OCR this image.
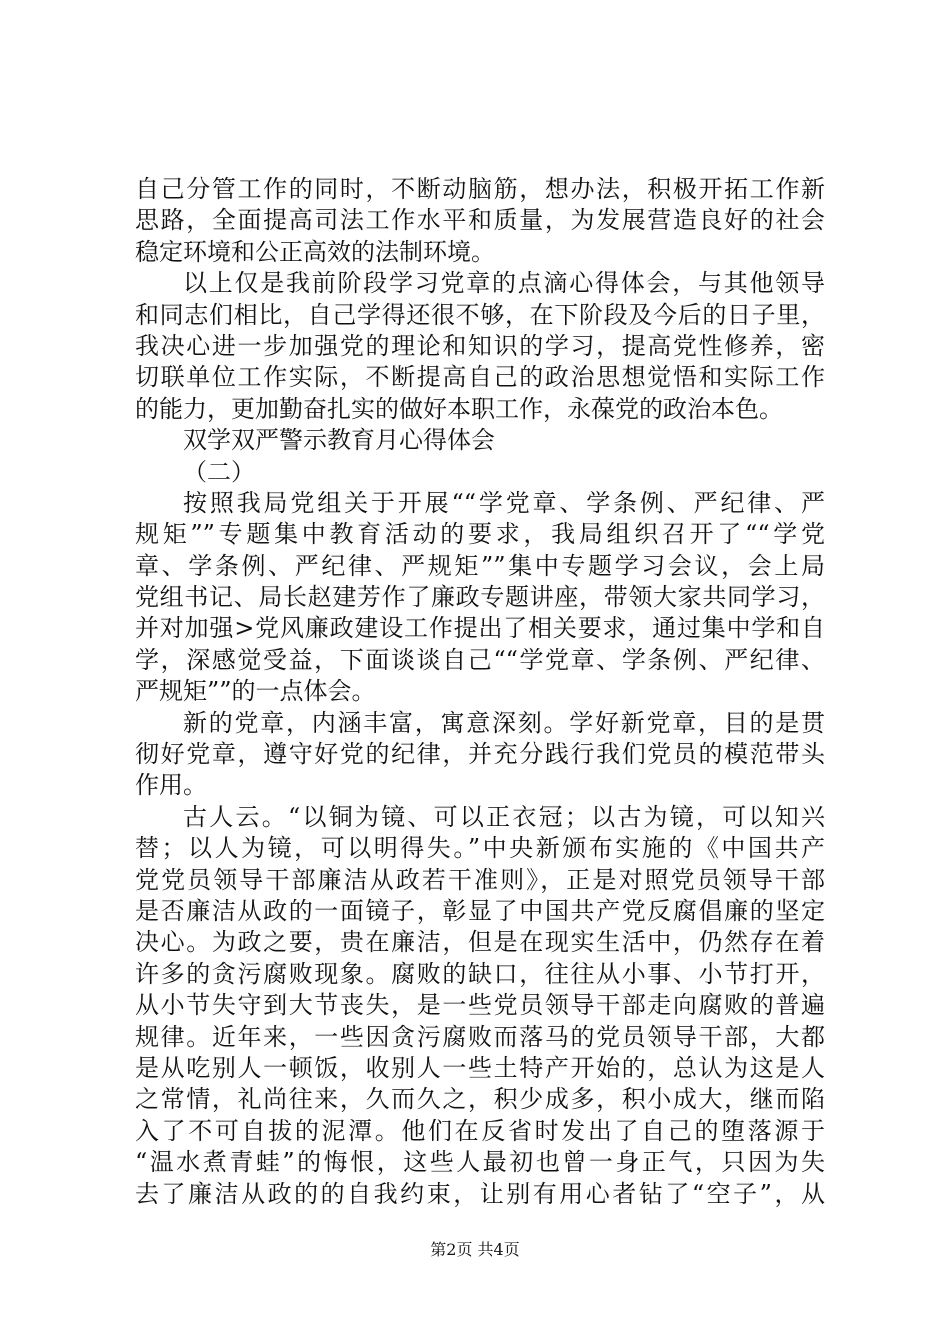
自己分管工作的同时，不断动脑筋，想办法，积极开拓工作新
思路，全面提高司法工作水平和质量，为发展营造良好的社会
稳定环境和公正高效的法制环境。
以上仅是我前阶段学习党章的点滴心得体会，与其他领导
和同志们相比，自己学得还很不够，在下阶段及今后的日子里，
我决心进一步加强党的理论和知识的学习，提高党性修养，密
切联单位工作实际，不断提高自己的政治思想觉悟和实际工作
的能力，更加勤奋扎实的做好本职工作，永葆党的政治本色。
双学双严警示教育月心得体会
（二）
按照我局党组关于开展““学党章、学条例、严纪律、严
规矩””专题集中教育活动的要求，我局组织召开了““学党
章、学条例、严纪律、严规矩””集中专题学习会议，会上局
党组书记、局长赵建芳作了廉政专题讲座，带领大家共同学习，
并对加强>党风廉政建设工作提出了相关要求，通过集中学和自
学，深感觉受益，下面谈谈自己““学党章、学条例、严纪律、
严规矩””的一点体会。
新的党章，内涵丰富，寓意深刻。学好新党章，目的是贯
彻好党章，遵守好党的纪律，并充分践行我们党员的模范带头
作用。
古人云。“以铜为镜、可以正衣冠；以古为镜，可以知兴
替；以人为镜，可以明得失。”中央新颁布实施的《中国共产
党党员领导干部廉洁从政若干准则》，正是对照党员领导干部
是否廉洁从政的一面镜子，彰显了中国共产党反腐倡廉的坚定
决心。为政之要，贵在廉洁，但是在现实生活中，仍然存在着
许多的贪污腐败现象。腐败的缺口，往往从小事、小节打开，
从小节失守到大节丧失，是一些党员领导干部走向腐败的普遍
规律。近年来，一些因贪污腐败而落马的党员领导干部，大都
是从吃别人一顿饭，收别人一些土特产开始的，总认为这是人
之常情，礼尚往来，久而久之，积少成多，积小成大，继而陷
入了不可自拔的泥潭。他们在反省时发出了自己的堕落源于
“温水煮青蛙”的悔恨，这些人最初也曾一身正气，只因为失
去了廉洁从政的的自我约束，让别有用心者钻了“空子”，从
第2页 共4页
